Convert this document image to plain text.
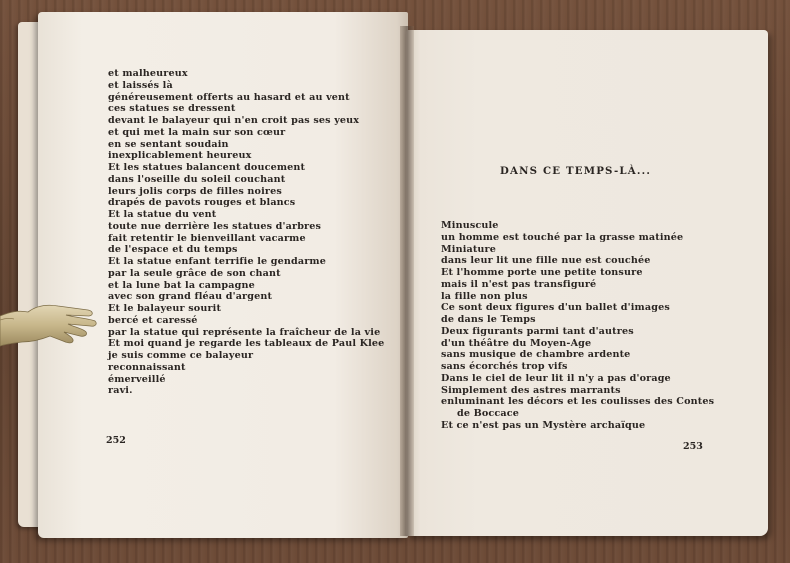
et malheureux
et laissés là
généreusement offerts au hasard et au vent
ces statues se dressent
devant le balayeur qui n'en croit pas ses yeux
et qui met la main sur son cœur
en se sentant soudain
inexplicablement heureux
Et les statues balancent doucement
dans l'oseille du soleil couchant
leurs jolis corps de filles noires
drapés de pavots rouges et blancs
Et la statue du vent
toute nue derrière les statues d'arbres
fait retentir le bienveillant vacarme
de l'espace et du temps
Et la statue enfant terrifie le gendarme
par la seule grâce de son chant
et la lune bat la campagne
avec son grand fléau d'argent
Et le balayeur sourit
bercé et caressé
par la statue qui représente la fraîcheur de la vie
Et moi quand je regarde les tableaux de Paul Klee
je suis comme ce balayeur
reconnaissant
émerveillé
ravi.
252
DANS CE TEMPS-LÀ...
Minuscule
un homme est touché par la grasse matinée
Miniature
dans leur lit une fille nue est couchée
Et l'homme porte une petite tonsure
mais il n'est pas transfiguré
la fille non plus
Ce sont deux figures d'un ballet d'images
de dans le Temps
Deux figurants parmi tant d'autres
d'un théâtre du Moyen-Age
sans musique de chambre ardente
sans écorchés trop vifs
Dans le ciel de leur lit il n'y a pas d'orage
Simplement des astres marrants
enluminant les décors et les coulisses des Contes
de Boccace
Et ce n'est pas un Mystère archaïque
253
